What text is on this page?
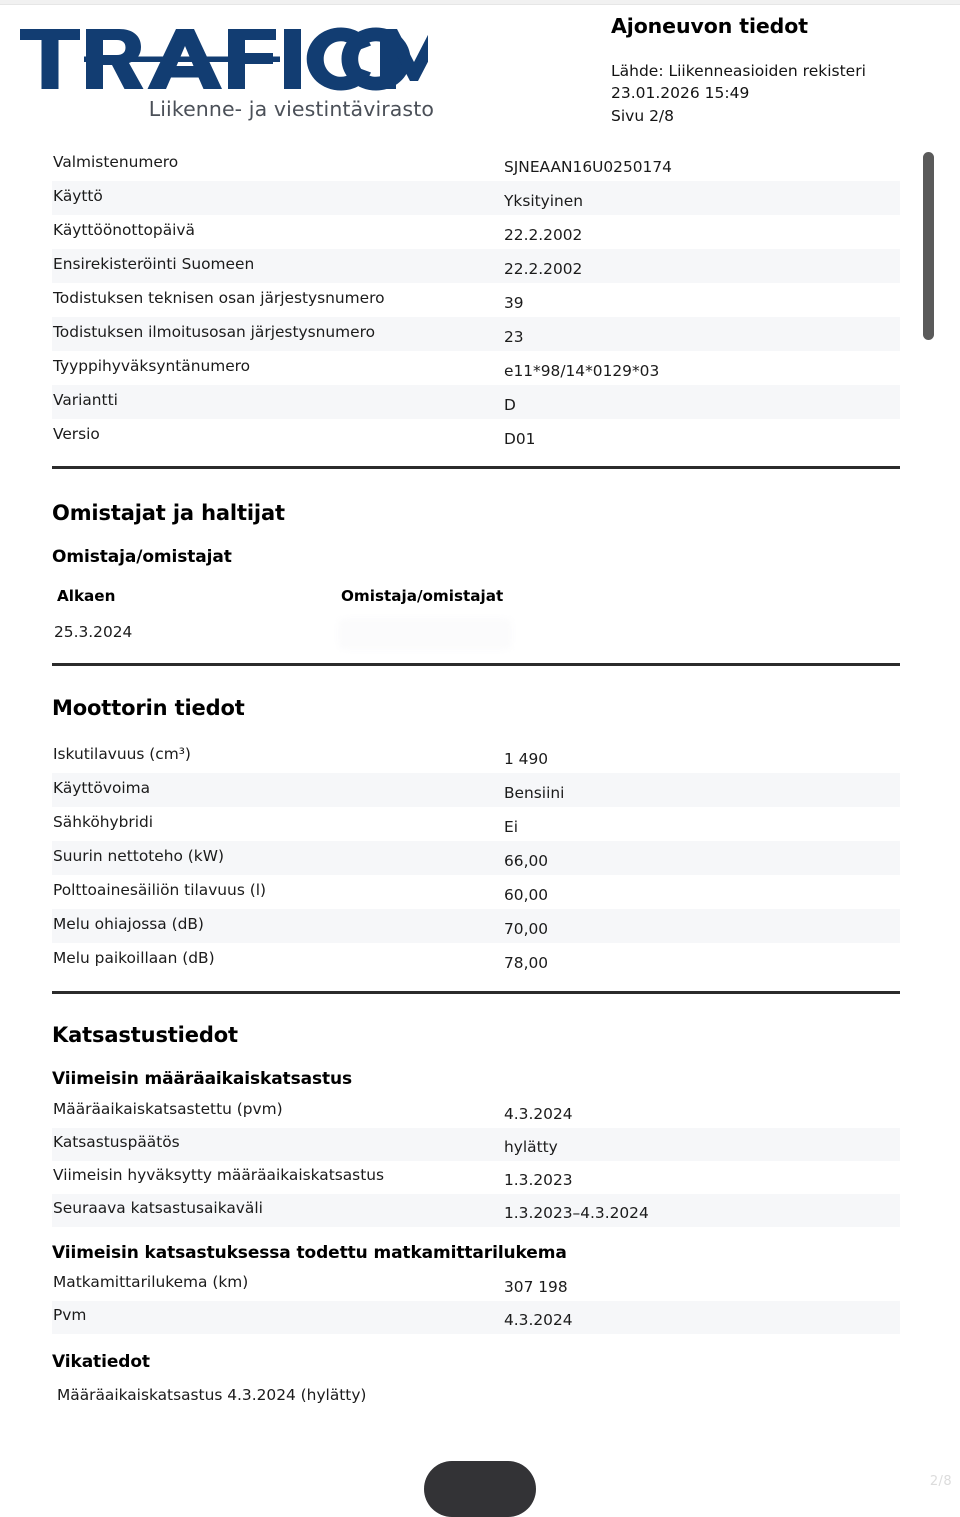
Liikenne- ja viestintävirasto
Ajoneuvon tiedot
Lähde: Liikenneasioiden rekisteri
23.01.2026 15:49
Sivu 2/8
Valmistenumero	SJNEAAN16U0250174
Käyttö	Yksityinen
Käyttöönottopäivä	22.2.2002
Ensirekisteröinti Suomeen	22.2.2002
Todistuksen teknisen osan järjestysnumero	39
Todistuksen ilmoitusosan järjestysnumero	23
Tyyppihyväksyntänumero	e11*98/14*0129*03
Variantti	D
Versio	D01
Omistajat ja haltijat
Omistaja/omistajat
Alkaen	Omistaja/omistajat
25.3.2024
Moottorin tiedot
Iskutilavuus (cm³)	1 490
Käyttövoima	Bensiini
Sähköhybridi	Ei
Suurin nettoteho (kW)	66,00
Polttoainesäiliön tilavuus (l)	60,00
Melu ohiajossa (dB)	70,00
Melu paikoillaan (dB)	78,00
Katsastustiedot
Viimeisin määräaikaiskatsastus
Määräaikaiskatsastettu (pvm)	4.3.2024
Katsastuspäätös	hylätty
Viimeisin hyväksytty määräaikaiskatsastus	1.3.2023
Seuraava katsastusaikaväli	1.3.2023–4.3.2024
Viimeisin katsastuksessa todettu matkamittarilukema
Matkamittarilukema (km)	307 198
Pvm	4.3.2024
Vikatiedot
Määräaikaiskatsastus 4.3.2024 (hylätty)
2/8
